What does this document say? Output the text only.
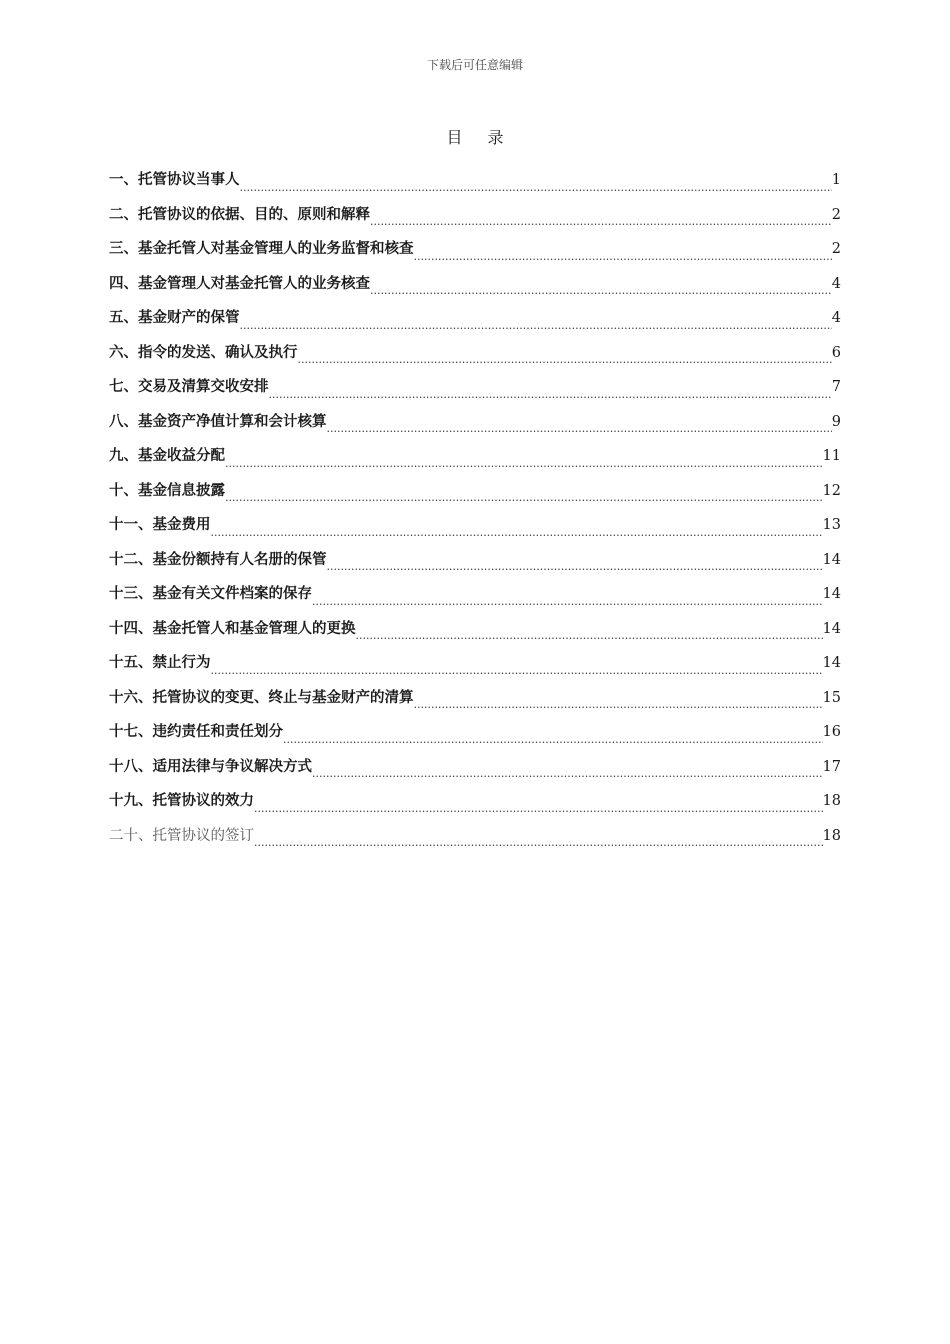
下载后可任意编辑
目 录
一、托管协议当事人 .....	1
二、托管协议的依据、目的、原则和解释 .....	2
三、基金托管人对基金管理人的业务监督和核查 .....	2
四、基金管理人对基金托管人的业务核查 .....	4
五、基金财产的保管 .....	4
六、指令的发送、确认及执行 .....	6
七、交易及清算交收安排 .....	7
八、基金资产净值计算和会计核算 .....	9
九、基金收益分配 .....	11
十、基金信息披露 .....	12
十一、基金费用 .....	13
十二、基金份额持有人名册的保管 .....	14
十三、基金有关文件档案的保存 .....	14
十四、基金托管人和基金管理人的更换 .....	14
十五、禁止行为 .....	14
十六、托管协议的变更、终止与基金财产的清算 .....	15
十七、违约责任和责任划分 .....	16
十八、适用法律与争议解决方式 .....	17
十九、托管协议的效力 .....	18
二十、托管协议的签订 .....	18
